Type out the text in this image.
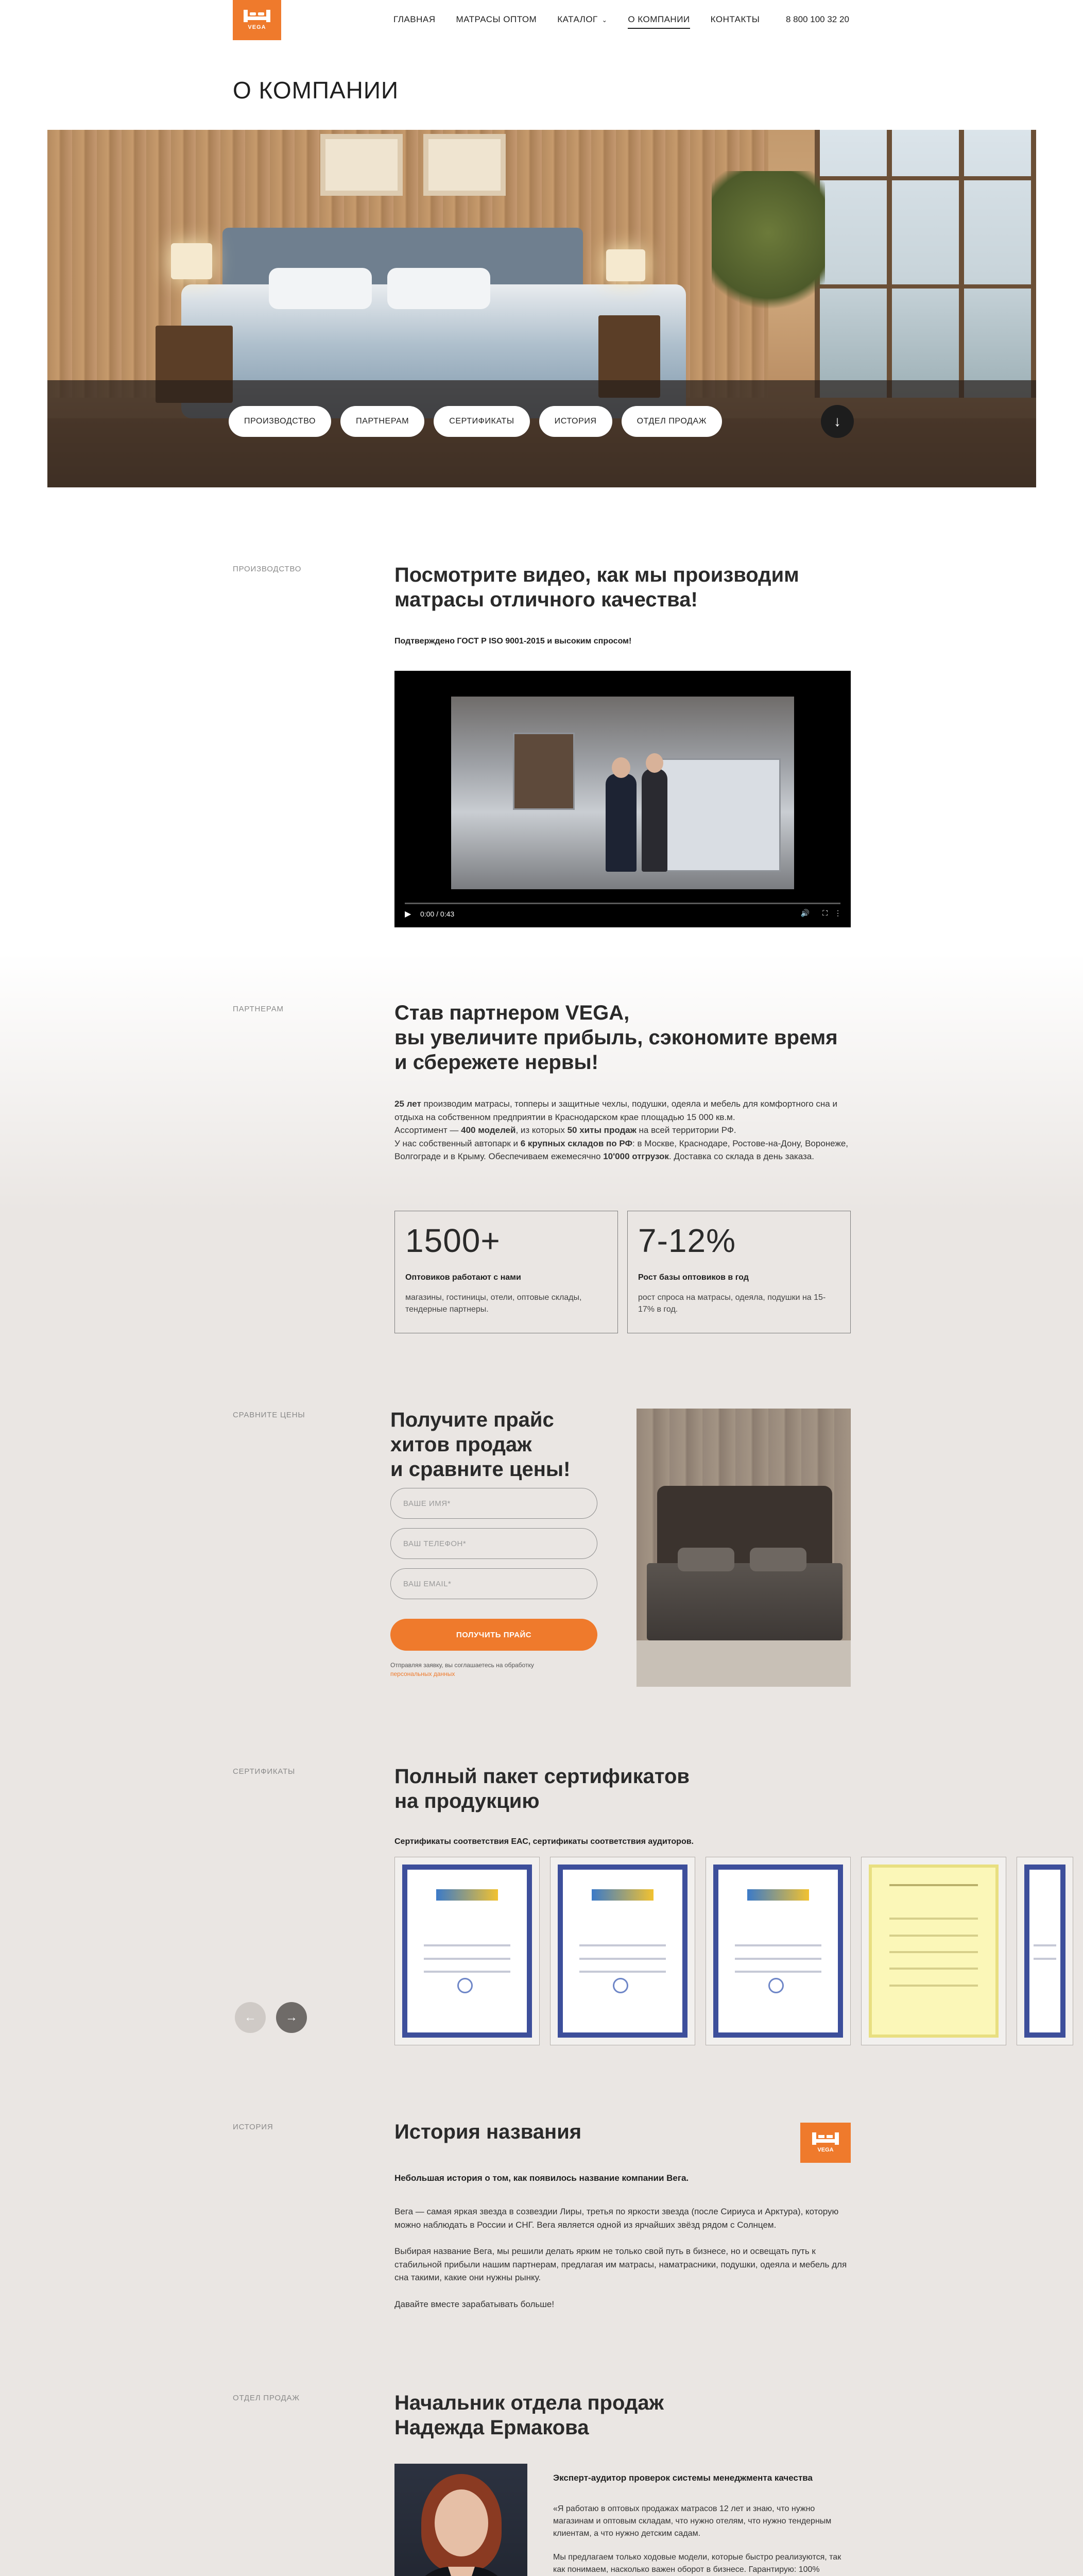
VEGA
ГЛАВНАЯ МАТРАСЫ ОПТОМ КАТАЛОГ ⌄ О КОМПАНИИ КОНТАКТЫ	8 800 100 32 20
О КОМПАНИИ
ПРОИЗВОДСТВО	ПАРТНЕРАМ	СЕРТИФИКАТЫ	ИСТОРИЯ	ОТДЕЛ ПРОДАЖ	↓
ПРОИЗВОДСТВО	Посмотрите видео, как мы производим
матрасы отличного качества!
Подтверждено ГОСТ Р ISO 9001-2015 и высоким спросом!
▶ 0:00 / 0:43	🔊 ⛶ ⋮
ПАРТНЕРАМ	Став партнером VEGA,
вы увеличите прибыль, сэкономите время
и сбережете нервы!

25 лет производим матрасы, топперы и защитные чехлы, подушки, одеяла и мебель для комфортного сна и отдыха на собственном предприятии в Краснодарском крае площадью 15 000 кв.м.

Ассортимент — 400 моделей, из которых 50 хиты продаж на всей территории РФ.

У нас собственный автопарк и 6 крупных складов по РФ: в Москве, Краснодаре, Ростове-на-Дону, Воронеже, Волгограде и в Крыму. Обеспечиваем ежемесячно 10'000 отгрузок. Доставка со склада в день заказа.

1500+
Оптовиков работают с нами
магазины, гостиницы, отели, оптовые склады, тендерные партнеры.
7-12%
Рост базы оптовиков в год
рост спроса на матрасы, одеяла, подушки на 15-17% в год.
СРАВНИТЕ ЦЕНЫ	Получите прайс
хитов продаж
и сравните цены!
ВАШЕ ИМЯ*
ВАШ ТЕЛЕФОН*
ВАШ EMAIL*
ПОЛУЧИТЬ ПРАЙС
Отправляя заявку, вы соглашаетесь на обработку
персональных данных
СЕРТИФИКАТЫ	Полный пакет сертификатов
на продукцию
Сертификаты соответствия ЕАС, сертификаты соответствия аудиторов.
← →
ИСТОРИЯ	История названия
VEGA
Небольшая история о том, как появилось название компании Вега.

Вега — самая яркая звезда в созвездии Лиры, третья по яркости звезда (после Сириуса и Арктура), которую можно наблюдать в России и СНГ. Вега является одной из ярчайших звёзд рядом с Солнцем.

Выбирая название Вега, мы решили делать ярким не только свой путь в бизнесе, но и освещать путь к стабильной прибыли нашим партнерам, предлагая им матрасы, наматрасники, подушки, одеяла и мебель для сна такими, какие они нужны рынку.

Давайте вместе зарабатывать больше!

ОТДЕЛ ПРОДАЖ	Начальник отдела продаж
Надежда Ермакова
Эксперт-аудитор проверок системы менеджмента качества

«Я работаю в оптовых продажах матрасов 12 лет и знаю, что нужно магазинам и оптовым складам, что нужно отелям, что нужно тендерным клиентам, а что нужно детским садам.

Мы предлагаем только ходовые модели, которые быстро реализуются, так как понимаем, насколько важен оборот в бизнесе. Гарантирую: 100%
